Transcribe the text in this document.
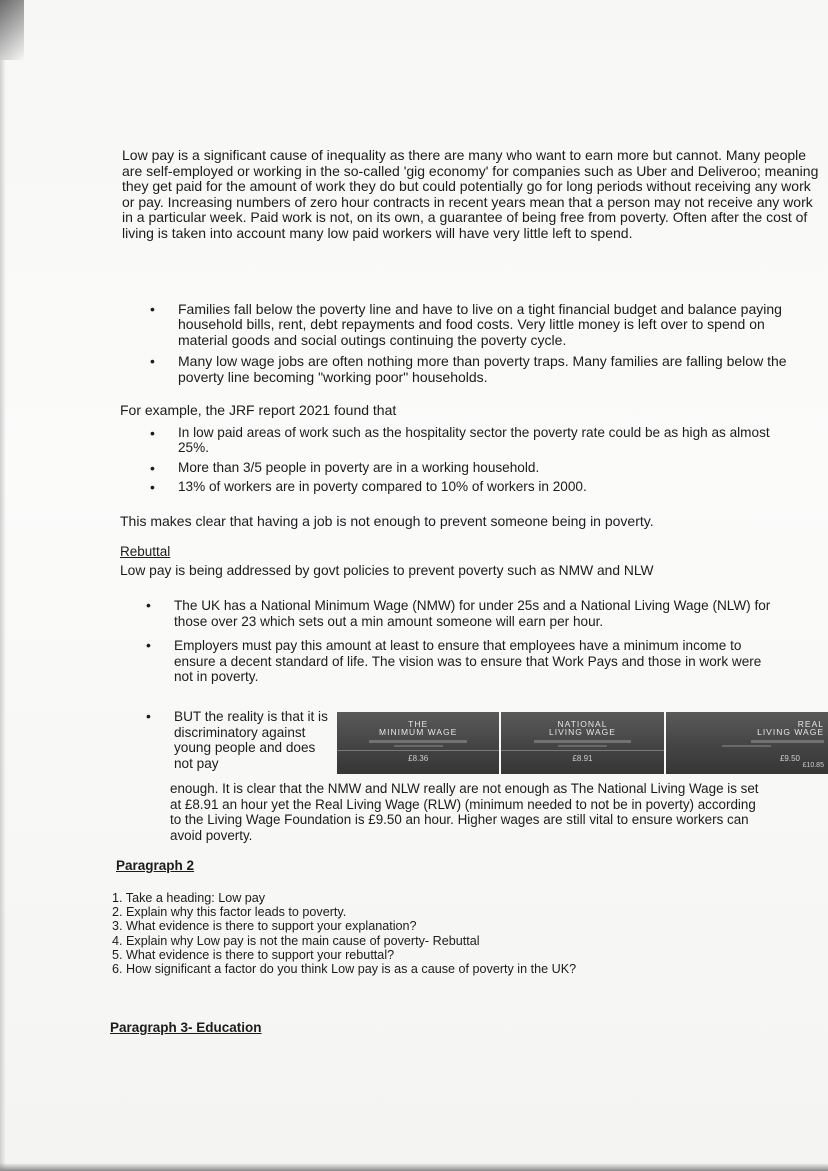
Low pay is a significant cause of inequality as there are many who want to earn more but cannot. Many people are self-employed or working in the so-called 'gig economy' for companies such as Uber and Deliveroo; meaning they get paid for the amount of work they do but could potentially go for long periods without receiving any work or pay. Increasing numbers of zero hour contracts in recent years mean that a person may not receive any work in a particular week. Paid work is not, on its own, a guarantee of being free from poverty. Often after the cost of living is taken into account many low paid workers will have very little left to spend.

• Families fall below the poverty line and have to live on a tight financial budget and balance paying household bills, rent, debt repayments and food costs. Very little money is left over to spend on material goods and social outings continuing the poverty cycle.
• Many low wage jobs are often nothing more than poverty traps. Many families are falling below the poverty line becoming "working poor" households.

For example, the JRF report 2021 found that

• In low paid areas of work such as the hospitality sector the poverty rate could be as high as almost 25%.
• More than 3/5 people in poverty are in a working household.
• 13% of workers are in poverty compared to 10% of workers in 2000.

This makes clear that having a job is not enough to prevent someone being in poverty.

Rebuttal

Low pay is being addressed by govt policies to prevent poverty such as NMW and NLW

• The UK has a National Minimum Wage (NMW) for under 25s and a National Living Wage (NLW) for those over 23 which sets out a min amount someone will earn per hour.
• Employers must pay this amount at least to ensure that employees have a minimum income to ensure a decent standard of life. The vision was to ensure that Work Pays and those in work were not in poverty.
• BUT the reality is that it is discriminatory against young people and does not pay
THE
MINIMUM WAGE
£8.36
NATIONAL
LIVING WAGE
£8.91
REAL
LIVING WAGE
£9.50
£10.85

enough. It is clear that the NMW and NLW really are not enough as The National Living Wage is set at £8.91 an hour yet the Real Living Wage (RLW) (minimum needed to not be in poverty) according to the Living Wage Foundation is £9.50 an hour. Higher wages are still vital to ensure workers can avoid poverty.

Paragraph 2

1. Take a heading: Low pay
2. Explain why this factor leads to poverty.
3. What evidence is there to support your explanation?
4. Explain why Low pay is not the main cause of poverty- Rebuttal
5. What evidence is there to support your rebuttal?
6. How significant a factor do you think Low pay is as a cause of poverty in the UK?

Paragraph 3- Education
